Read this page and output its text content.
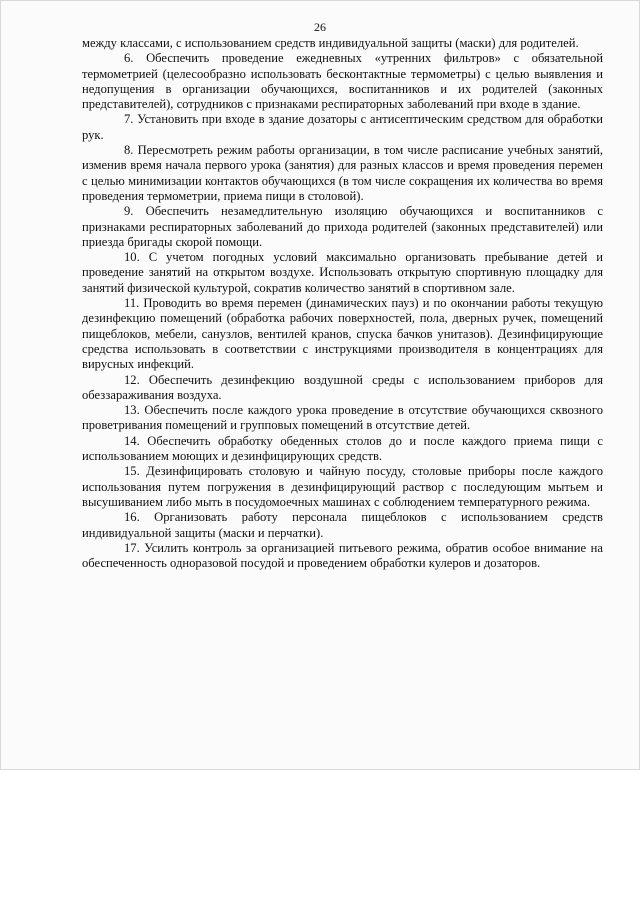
26

между классами, с использованием средств индивидуальной защиты (маски) для родителей.

6. Обеспечить проведение ежедневных «утренних фильтров» с обязательной термометрией (целесообразно использовать бесконтактные термометры) с целью выявления и недопущения в организации обучающихся, воспитанников и их родителей (законных представителей), сотрудников с признаками респираторных заболеваний при входе в здание.

7. Установить при входе в здание дозаторы с антисептическим средством для обработки рук.

8. Пересмотреть режим работы организации, в том числе расписание учебных занятий, изменив время начала первого урока (занятия) для разных классов и время проведения перемен с целью минимизации контактов обучающихся (в том числе сокращения их количества во время проведения термометрии, приема пищи в столовой).

9. Обеспечить незамедлительную изоляцию обучающихся и воспитанников с признаками респираторных заболеваний до прихода родителей (законных представителей) или приезда бригады скорой помощи.

10. С учетом погодных условий максимально организовать пребывание детей и проведение занятий на открытом воздухе. Использовать открытую спортивную площадку для занятий физической культурой, сократив количество занятий в спортивном зале.

11. Проводить во время перемен (динамических пауз) и по окончании работы текущую дезинфекцию помещений (обработка рабочих поверхностей, пола, дверных ручек, помещений пищеблоков, мебели, санузлов, вентилей кранов, спуска бачков унитазов). Дезинфицирующие средства использовать в соответствии с инструкциями производителя в концентрациях для вирусных инфекций.

12. Обеспечить дезинфекцию воздушной среды с использованием приборов для обеззараживания воздуха.

13. Обеспечить после каждого урока проведение в отсутствие обучающихся сквозного проветривания помещений и групповых помещений в отсутствие детей.

14. Обеспечить обработку обеденных столов до и после каждого приема пищи с использованием моющих и дезинфицирующих средств.

15. Дезинфицировать столовую и чайную посуду, столовые приборы после каждого использования путем погружения в дезинфицирующий раствор с последующим мытьем и высушиванием либо мыть в посудомоечных машинах с соблюдением температурного режима.

16. Организовать работу персонала пищеблоков с использованием средств индивидуальной защиты (маски и перчатки).

17. Усилить контроль за организацией питьевого режима, обратив особое внимание на обеспеченность одноразовой посудой и проведением обработки кулеров и дозаторов.
